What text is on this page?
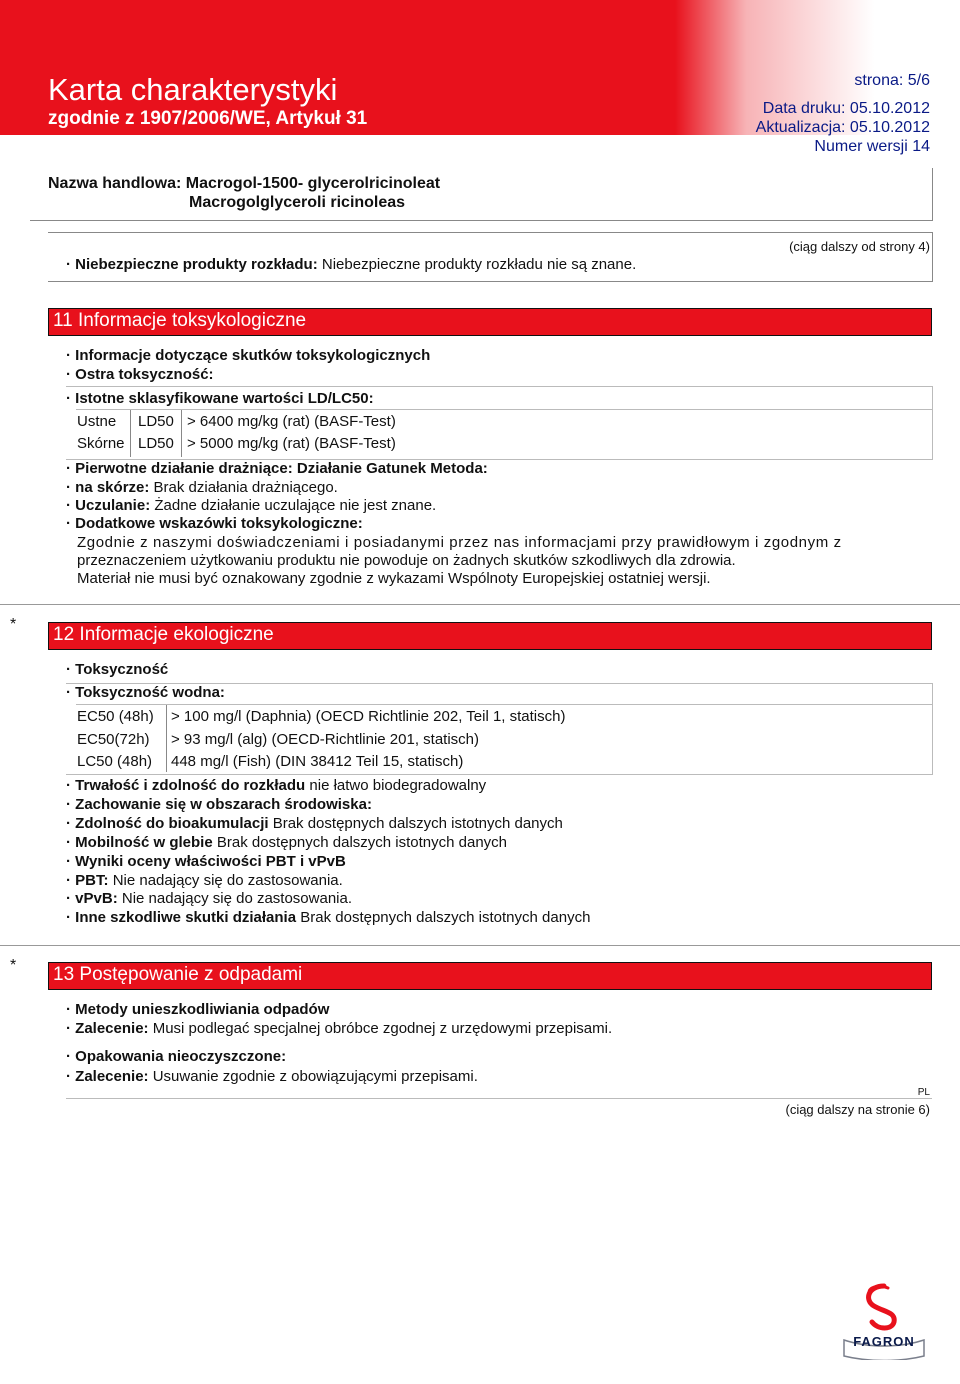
Karta charakterystyki
zgodnie z 1907/2006/WE, Artykuł 31
strona: 5/6
Data druku: 05.10.2012
Aktualizacja: 05.10.2012
Numer wersji 14
Nazwa handlowa: Macrogol-1500- glycerolricinoleat
Macrogolglyceroli ricinoleas
(ciąg dalszy od strony 4)
· Niebezpieczne produkty rozkładu: Niebezpieczne produkty rozkładu nie są znane.
11 Informacje toksykologiczne
· Informacje dotyczące skutków toksykologicznych
· Ostra toksyczność:
· Istotne sklasyfikowane wartości LD/LC50:
Ustne LD50 > 6400 mg/kg (rat) (BASF-Test)
Skórne LD50 > 5000 mg/kg (rat) (BASF-Test)
· Pierwotne działanie drażniące: Działanie Gatunek Metoda:
· na skórze: Brak działania drażniącego.
· Uczulanie: Żadne działanie uczulające nie jest znane.
· Dodatkowe wskazówki toksykologiczne:
Zgodnie z naszymi doświadczeniami i posiadanymi przez nas informacjami przy prawidłowym i zgodnym z
przeznaczeniem użytkowaniu produktu nie powoduje on żadnych skutków szkodliwych dla zdrowia.
Materiał nie musi być oznakowany zgodnie z wykazami Wspólnoty Europejskiej ostatniej wersji.
* 12 Informacje ekologiczne
· Toksyczność
· Toksyczność wodna:
EC50 (48h) > 100 mg/l (Daphnia) (OECD Richtlinie 202, Teil 1, statisch)
EC50(72h) > 93 mg/l (alg) (OECD-Richtlinie 201, statisch)
LC50 (48h) 448 mg/l (Fish) (DIN 38412 Teil 15, statisch)
· Trwałość i zdolność do rozkładu nie łatwo biodegradowalny
· Zachowanie się w obszarach środowiska:
· Zdolność do bioakumulacji Brak dostępnych dalszych istotnych danych
· Mobilność w glebie Brak dostępnych dalszych istotnych danych
· Wyniki oceny właściwości PBT i vPvB
· PBT: Nie nadający się do zastosowania.
· vPvB: Nie nadający się do zastosowania.
· Inne szkodliwe skutki działania Brak dostępnych dalszych istotnych danych
* 13 Postępowanie z odpadami
· Metody unieszkodliwiania odpadów
· Zalecenie: Musi podlegać specjalnej obróbce zgodnej z urzędowymi przepisami.
· Opakowania nieoczyszczone:
· Zalecenie: Usuwanie zgodnie z obowiązującymi przepisami.
PL
(ciąg dalszy na stronie 6)
FAGRON
